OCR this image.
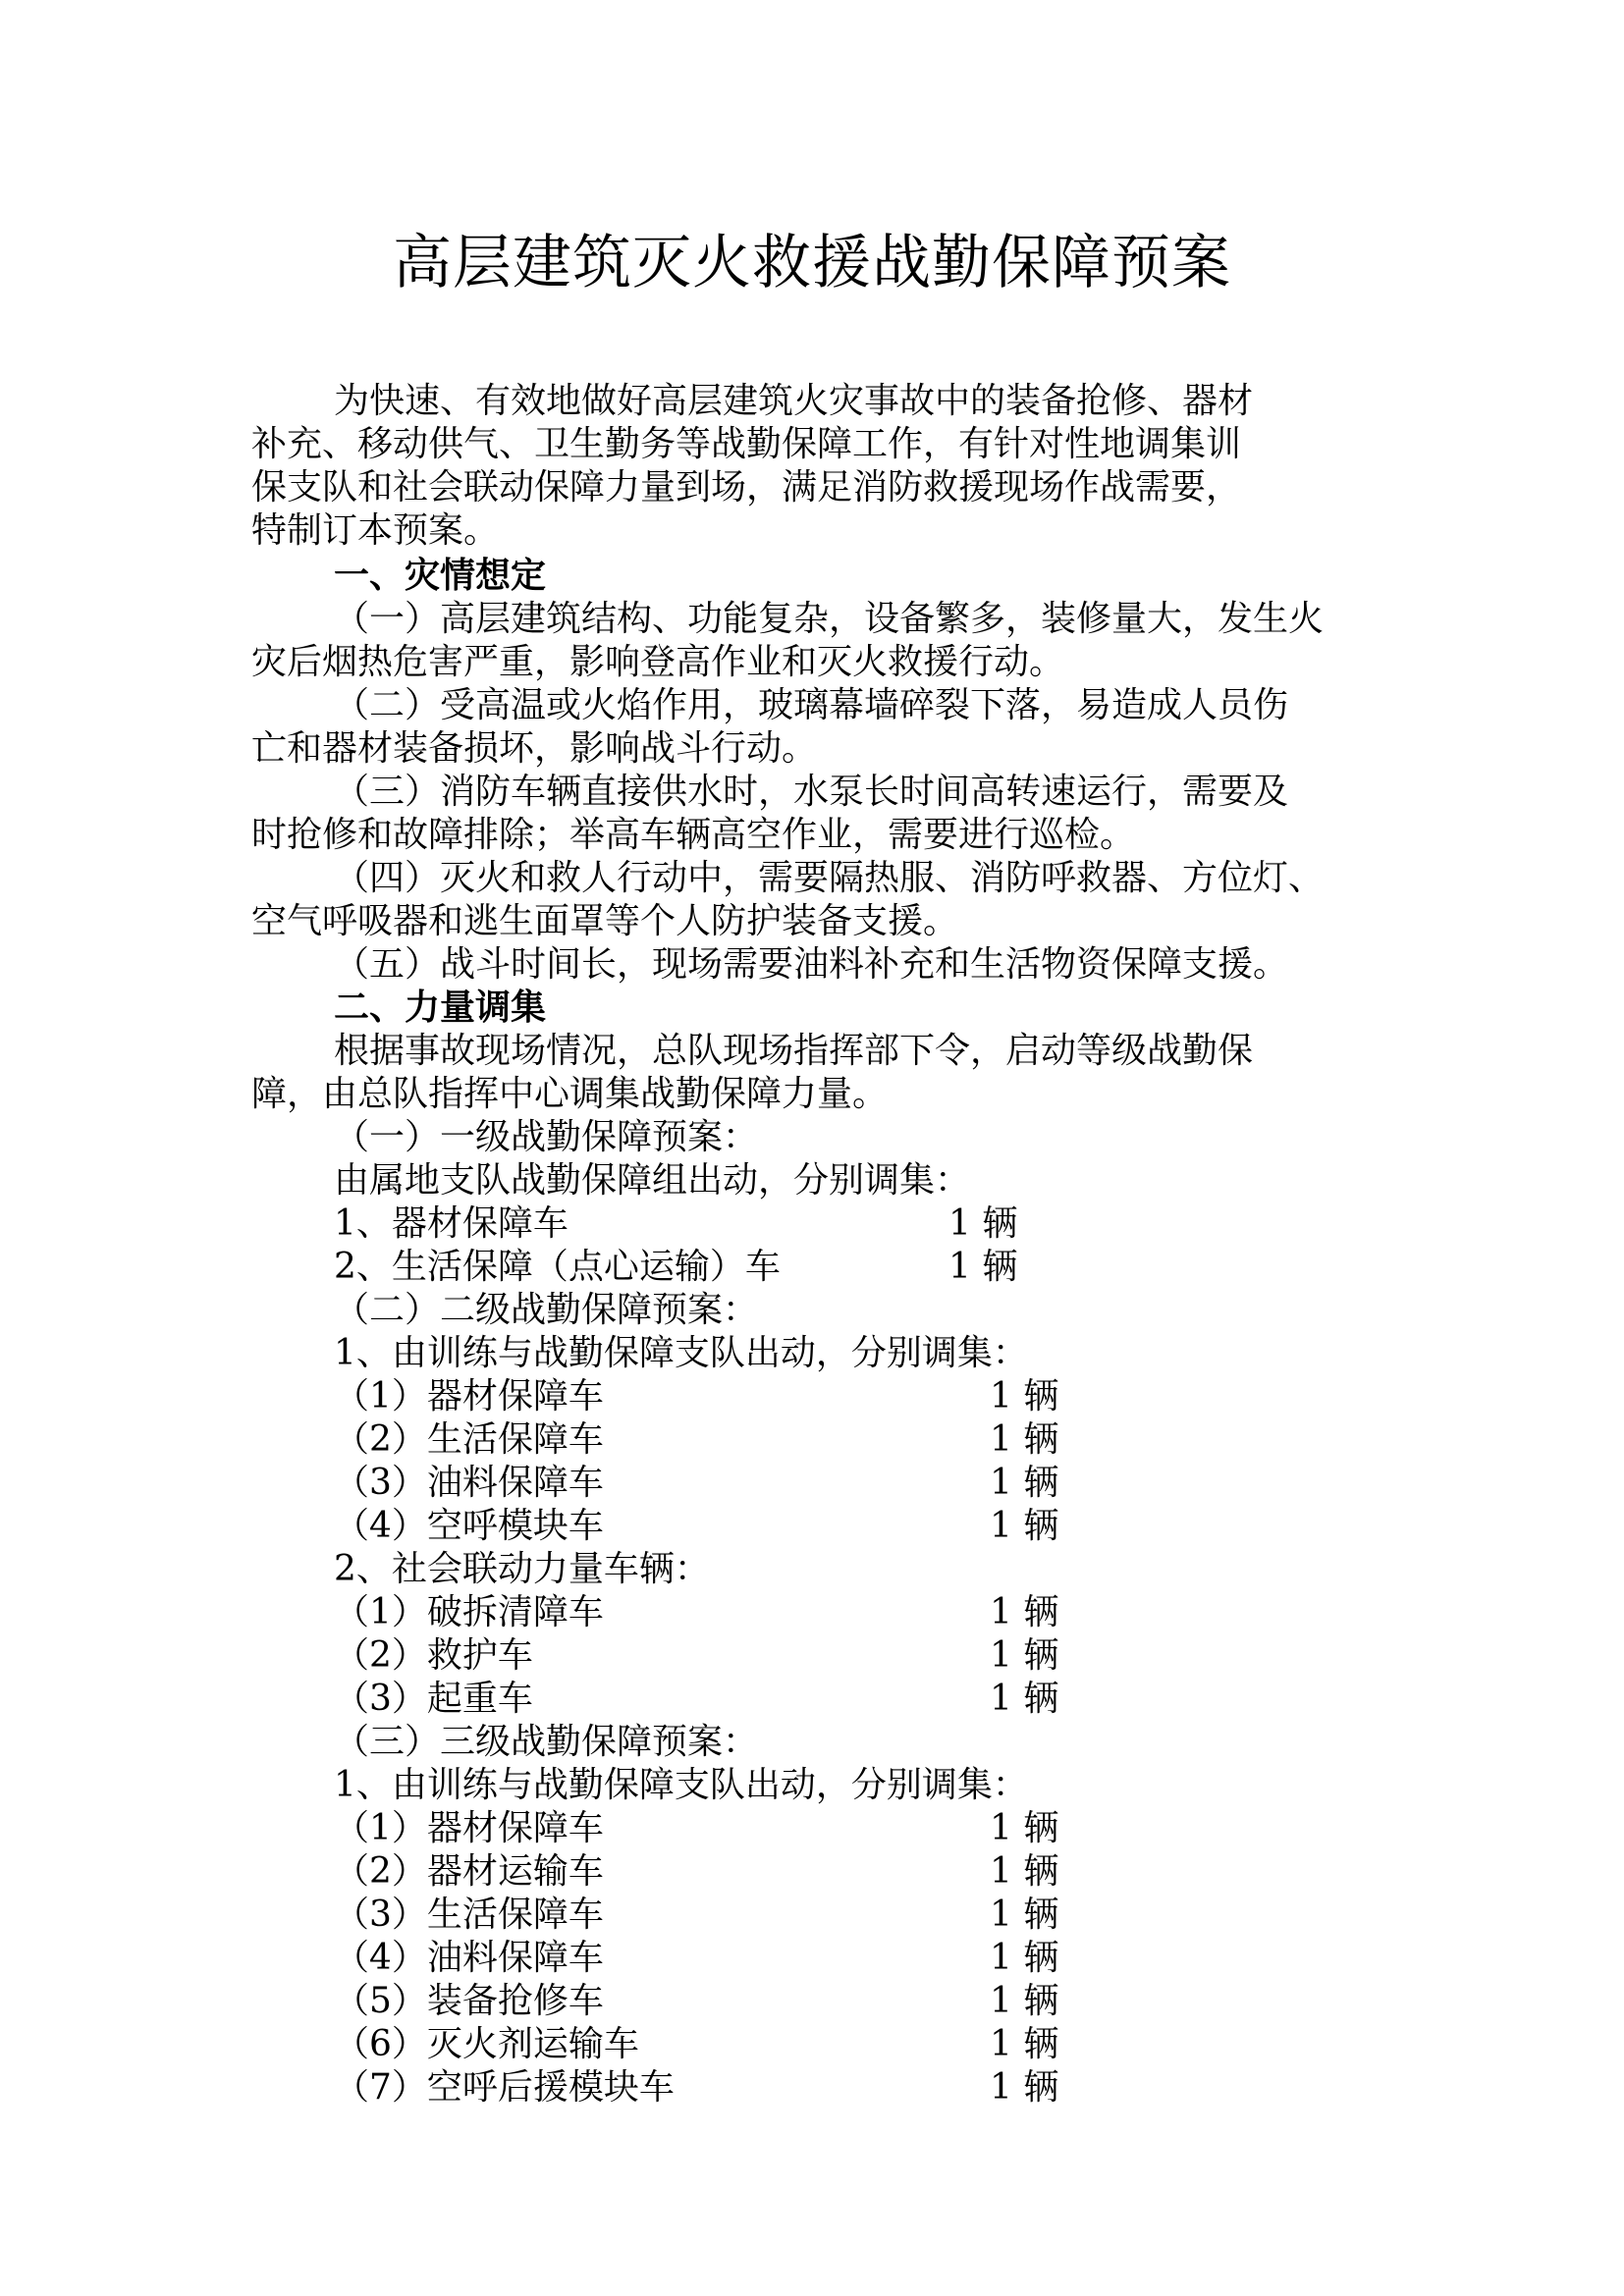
高层建筑灭火救援战勤保障预案
为快速、有效地做好高层建筑火灾事故中的装备抢修、器材
补充、移动供气、卫生勤务等战勤保障工作，有针对性地调集训
保支队和社会联动保障力量到场，满足消防救援现场作战需要，
特制订本预案。
一、灾情想定
（一）高层建筑结构、功能复杂，设备繁多，装修量大，发生火
灾后烟热危害严重，影响登高作业和灭火救援行动。
（二）受高温或火焰作用，玻璃幕墙碎裂下落，易造成人员伤
亡和器材装备损坏，影响战斗行动。
（三）消防车辆直接供水时，水泵长时间高转速运行，需要及
时抢修和故障排除；举高车辆高空作业，需要进行巡检。
（四）灭火和救人行动中，需要隔热服、消防呼救器、方位灯、
空气呼吸器和逃生面罩等个人防护装备支援。
（五）战斗时间长，现场需要油料补充和生活物资保障支援。
二、力量调集
根据事故现场情况，总队现场指挥部下令，启动等级战勤保
障，由总队指挥中心调集战勤保障力量。
（一）一级战勤保障预案：
由属地支队战勤保障组出动，分别调集：
1、器材保障车	1 辆
2、生活保障（点心运输）车	1 辆
（二）二级战勤保障预案：
1、由训练与战勤保障支队出动，分别调集：
（1）器材保障车	1 辆
（2）生活保障车	1 辆
（3）油料保障车	1 辆
（4）空呼模块车	1 辆
2、社会联动力量车辆：
（1）破拆清障车	1 辆
（2）救护车	1 辆
（3）起重车	1 辆
（三）三级战勤保障预案：
1、由训练与战勤保障支队出动，分别调集：
（1）器材保障车	1 辆
（2）器材运输车	1 辆
（3）生活保障车	1 辆
（4）油料保障车	1 辆
（5）装备抢修车	1 辆
（6）灭火剂运输车	1 辆
（7）空呼后援模块车	1 辆
